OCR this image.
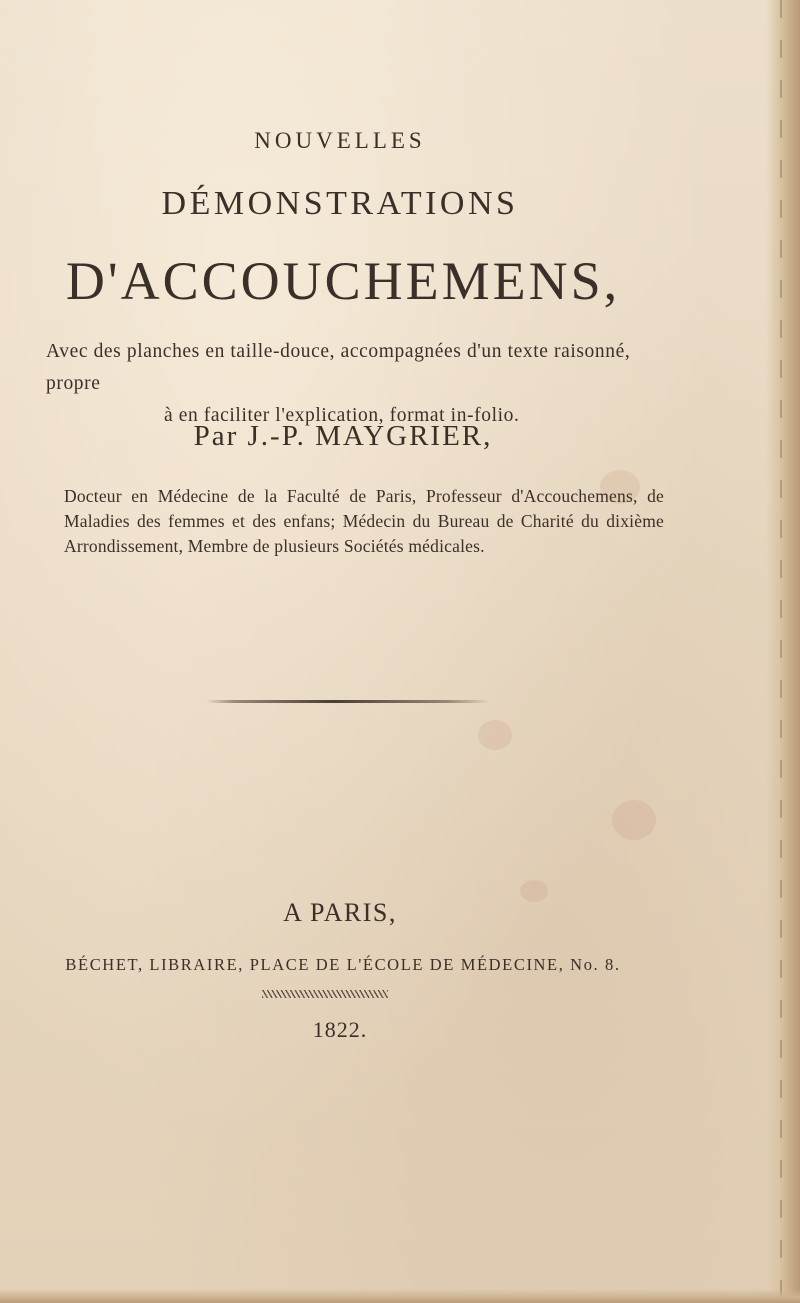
NOUVELLES
DÉMONSTRATIONS
D'ACCOUCHEMENS,
Avec des planches en taille-douce, accompagnées d'un texte raisonné, propre
à en faciliter l'explication, format in-folio.
Par J.-P. MAYGRIER,
Docteur en Médecine de la Faculté de Paris, Professeur d'Accouchemens, de Maladies des femmes et des enfans; Médecin du Bureau de Charité du dixième Arrondissement, Membre de plusieurs Sociétés médicales.
A PARIS,
BÉCHET, LIBRAIRE, PLACE DE L'ÉCOLE DE MÉDECINE, No. 8.
1822.
